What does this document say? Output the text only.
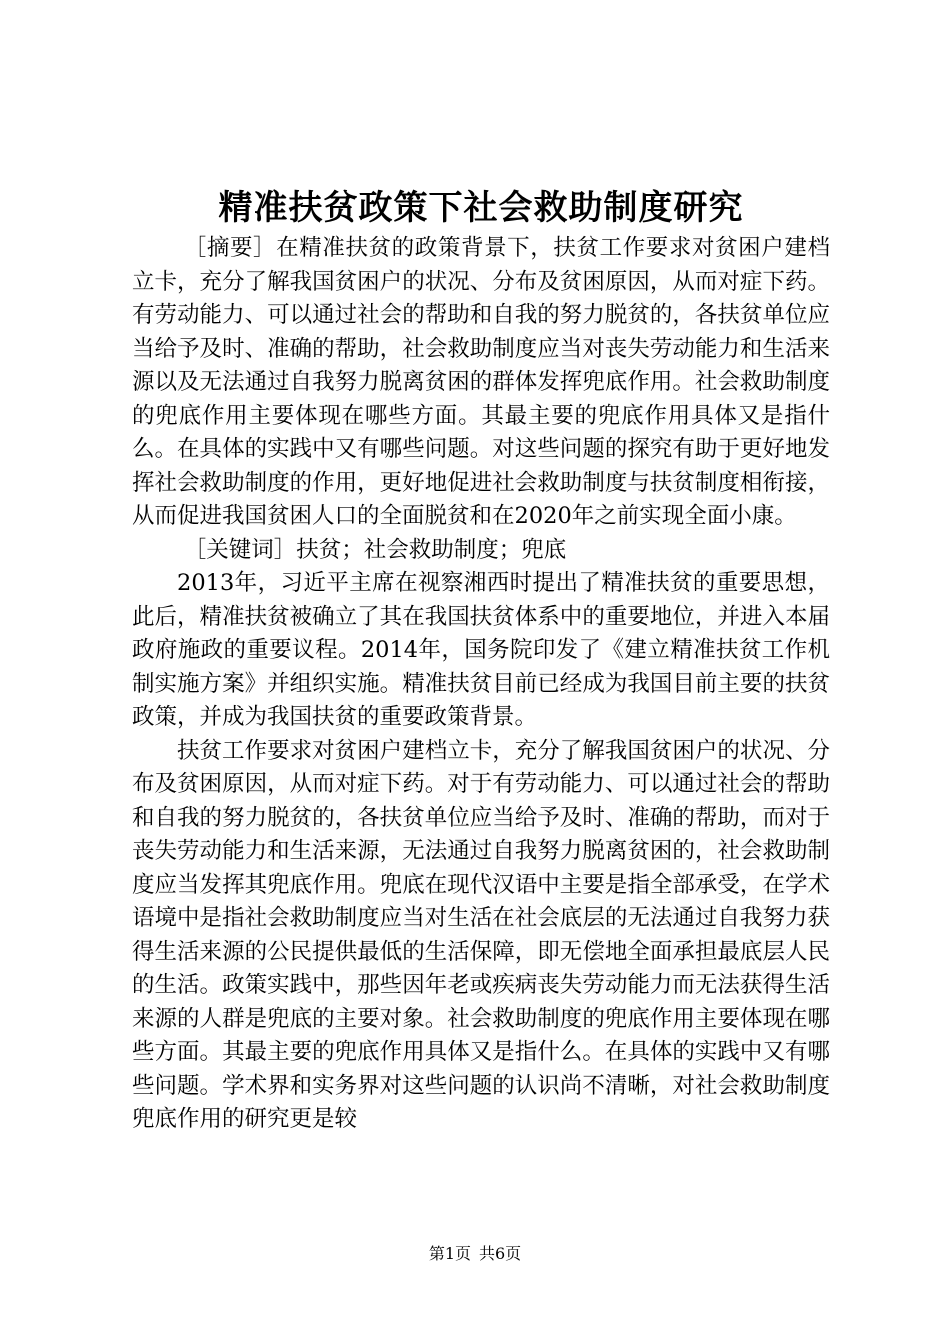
精准扶贫政策下社会救助制度研究

［摘要］在精准扶贫的政策背景下，扶贫工作要求对贫困户建档立卡，充分了解我国贫困户的状况、分布及贫困原因，从而对症下药。有劳动能力、可以通过社会的帮助和自我的努力脱贫的，各扶贫单位应当给予及时、准确的帮助，社会救助制度应当对丧失劳动能力和生活来源以及无法通过自我努力脱离贫困的群体发挥兜底作用。社会救助制度的兜底作用主要体现在哪些方面。其最主要的兜底作用具体又是指什么。在具体的实践中又有哪些问题。对这些问题的探究有助于更好地发挥社会救助制度的作用，更好地促进社会救助制度与扶贫制度相衔接，从而促进我国贫困人口的全面脱贫和在2020年之前实现全面小康。

［关键词］扶贫；社会救助制度；兜底

2013年，习近平主席在视察湘西时提出了精准扶贫的重要思想，此后，精准扶贫被确立了其在我国扶贫体系中的重要地位，并进入本届政府施政的重要议程。2014年，国务院印发了《建立精准扶贫工作机制实施方案》并组织实施。精准扶贫目前已经成为我国目前主要的扶贫政策，并成为我国扶贫的重要政策背景。

扶贫工作要求对贫困户建档立卡，充分了解我国贫困户的状况、分布及贫困原因，从而对症下药。对于有劳动能力、可以通过社会的帮助和自我的努力脱贫的，各扶贫单位应当给予及时、准确的帮助，而对于丧失劳动能力和生活来源，无法通过自我努力脱离贫困的，社会救助制度应当发挥其兜底作用。兜底在现代汉语中主要是指全部承受，在学术语境中是指社会救助制度应当对生活在社会底层的无法通过自我努力获得生活来源的公民提供最低的生活保障，即无偿地全面承担最底层人民的生活。政策实践中，那些因年老或疾病丧失劳动能力而无法获得生活来源的人群是兜底的主要对象。社会救助制度的兜底作用主要体现在哪些方面。其最主要的兜底作用具体又是指什么。在具体的实践中又有哪些问题。学术界和实务界对这些问题的认识尚不清晰，对社会救助制度兜底作用的研究更是较

第1页 共6页
